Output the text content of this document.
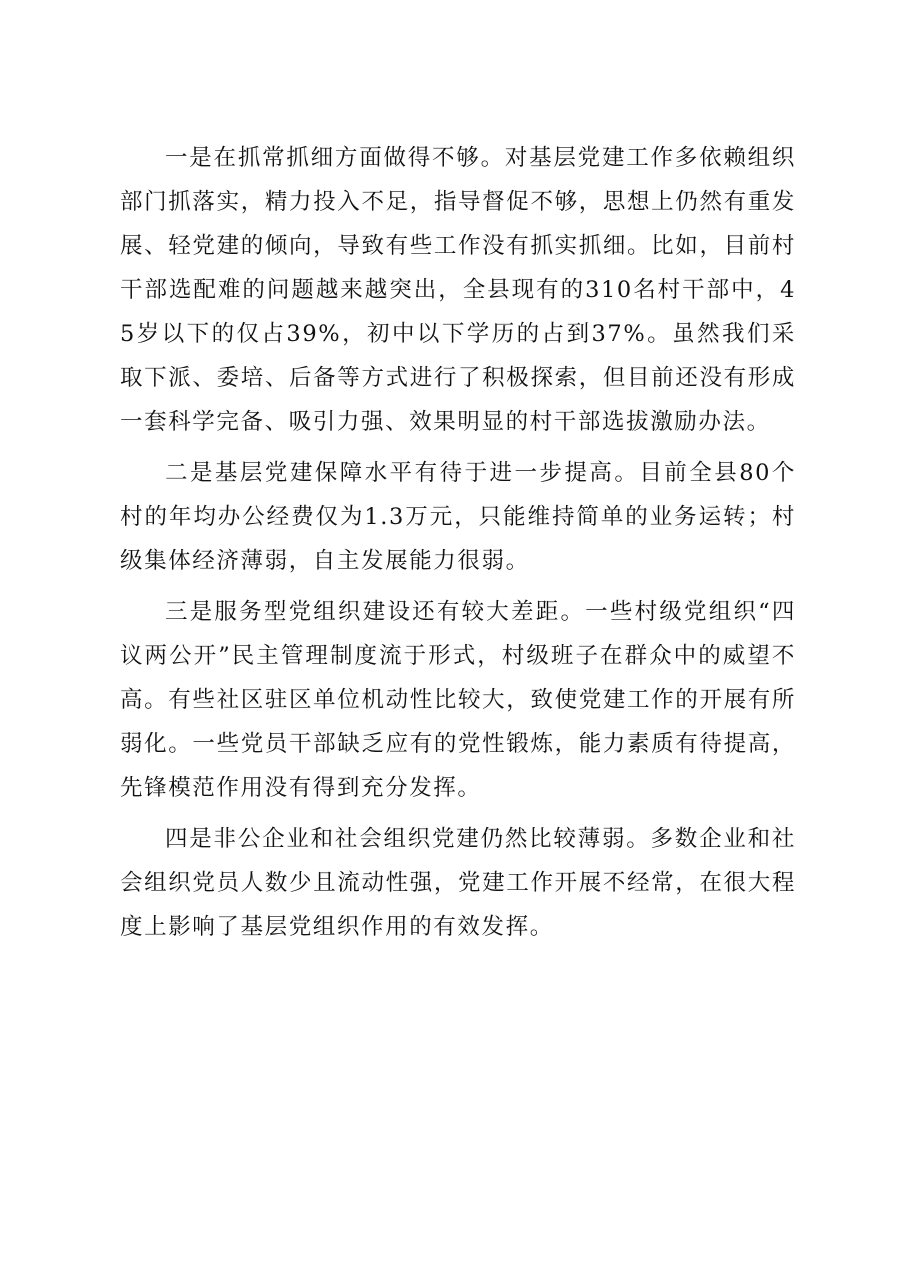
一是在抓常抓细方面做得不够。对基层党建工作多依赖组织部门抓落实，精力投入不足，指导督促不够，思想上仍然有重发展、轻党建的倾向，导致有些工作没有抓实抓细。比如，目前村干部选配难的问题越来越突出，全县现有的310名村干部中，45岁以下的仅占39%，初中以下学历的占到37%。虽然我们采取下派、委培、后备等方式进行了积极探索，但目前还没有形成一套科学完备、吸引力强、效果明显的村干部选拔激励办法。

二是基层党建保障水平有待于进一步提高。目前全县80个村的年均办公经费仅为1.3万元，只能维持简单的业务运转；村级集体经济薄弱，自主发展能力很弱。

三是服务型党组织建设还有较大差距。一些村级党组织“四议两公开”民主管理制度流于形式，村级班子在群众中的威望不高。有些社区驻区单位机动性比较大，致使党建工作的开展有所弱化。一些党员干部缺乏应有的党性锻炼，能力素质有待提高，先锋模范作用没有得到充分发挥。

四是非公企业和社会组织党建仍然比较薄弱。多数企业和社会组织党员人数少且流动性强，党建工作开展不经常，在很大程度上影响了基层党组织作用的有效发挥。
